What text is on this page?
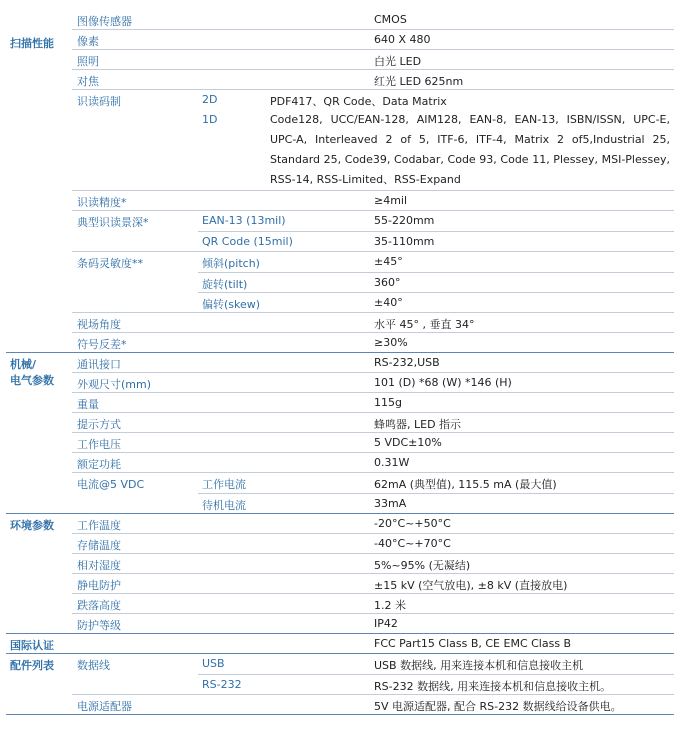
扫描性能
图像传感器	CMOS
像素	640 X 480
照明	白光 LED
对焦	红光 LED 625nm
识读码制	2D	PDF417、QR Code、Data Matrix
1D	Code128, UCC/EAN-128, AIM128, EAN-8, EAN-13, ISBN/ISSN, UPC-E, UPC-A, Interleaved 2 of 5, ITF-6, ITF-4, Matrix 2 of5,Industrial 25, Standard 25, Code39, Codabar, Code 93, Code 11, Plessey, MSI-Plessey, RSS-14, RSS-Limited、RSS-Expand
识读精度*	≥4mil
典型识读景深*	EAN-13 (13mil)	55-220mm
QR Code (15mil)	35-110mm
条码灵敏度**	倾斜(pitch)	±45°
旋转(tilt)	360°
偏转(skew)	±40°
视场角度	水平 45° , 垂直 34°
符号反差*	≥30%
机械/
电气参数
通讯接口	RS-232,USB
外观尺寸(mm)	101 (D) *68 (W) *146 (H)
重量	115g
提示方式	蜂鸣器, LED 指示
工作电压	5 VDC±10%
额定功耗	0.31W
电流@5 VDC	工作电流	62mA (典型值), 115.5 mA (最大值)
待机电流	33mA
环境参数	工作温度	-20°C~+50°C
存储温度	-40°C~+70°C
相对湿度	5%~95% (无凝结)
静电防护	±15 kV (空气放电), ±8 kV (直接放电)
跌落高度	1.2 米
防护等级	IP42
国际认证	FCC Part15 Class B, CE EMC Class B
配件列表	数据线	USB	USB 数据线, 用来连接本机和信息接收主机
RS-232	RS-232 数据线, 用来连接本机和信息接收主机。
电源适配器	5V 电源适配器, 配合 RS-232 数据线给设备供电。
